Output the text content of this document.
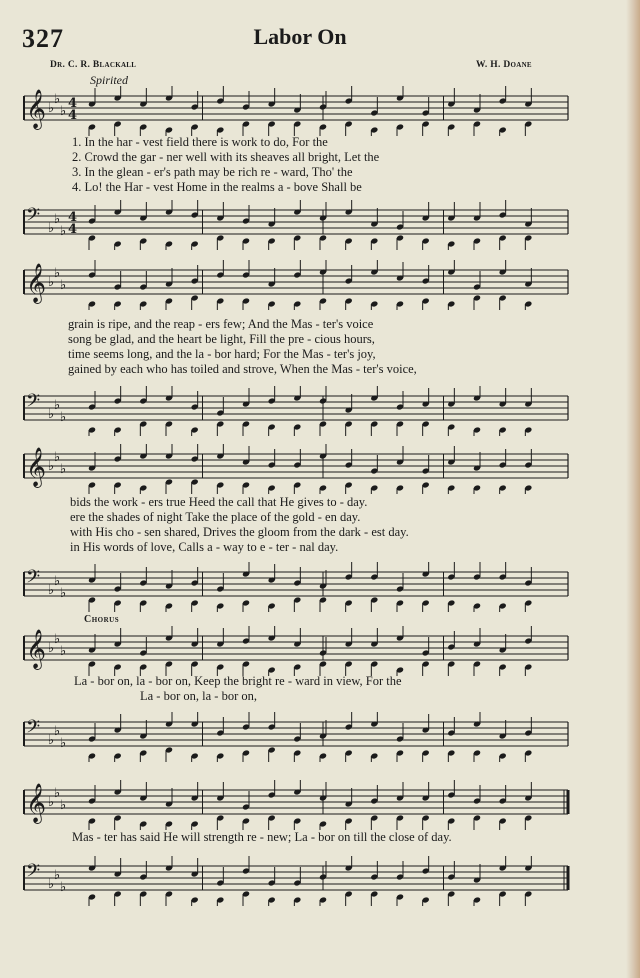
327	Labor On
Dr. C. R. Blackall	W. H. Doane
Spirited
Chorus
𝄞 ♭
♭
♭
4
4
𝄢 ♭
♭
♭
4
4
𝄞 ♭
♭
♭
𝄢 ♭
♭
♭
𝄞 ♭
♭
♭
𝄢 ♭
♭
♭
𝄞 ♭
♭
♭
𝄢 ♭
♭
♭
𝄞 ♭
♭
♭
𝄢 ♭
♭
♭
1. In the har - vest field there is work to do, For the
2. Crowd the gar - ner well with its sheaves all bright, Let the
3. In the glean - er's path may be rich re - ward, Tho' the
4. Lo! the Har - vest Home in the realms a - bove Shall be
grain is ripe, and the reap - ers few; And the Mas - ter's voice
song be glad, and the heart be light, Fill the pre - cious hours,
time seems long, and the la - bor hard; For the Mas - ter's joy,
gained by each who has toiled and strove, When the Mas - ter's voice,
bids the work - ers true Heed the call that He gives to - day.
ere the shades of night Take the place of the gold - en day.
with His cho - sen shared, Drives the gloom from the dark - est day.
in His words of love, Calls a - way to e - ter - nal day.
La - bor on, la - bor on, Keep the bright re - ward in view, For the
La - bor on, la - bor on,
Mas - ter has said He will strength re - new; La - bor on till the close of day.
